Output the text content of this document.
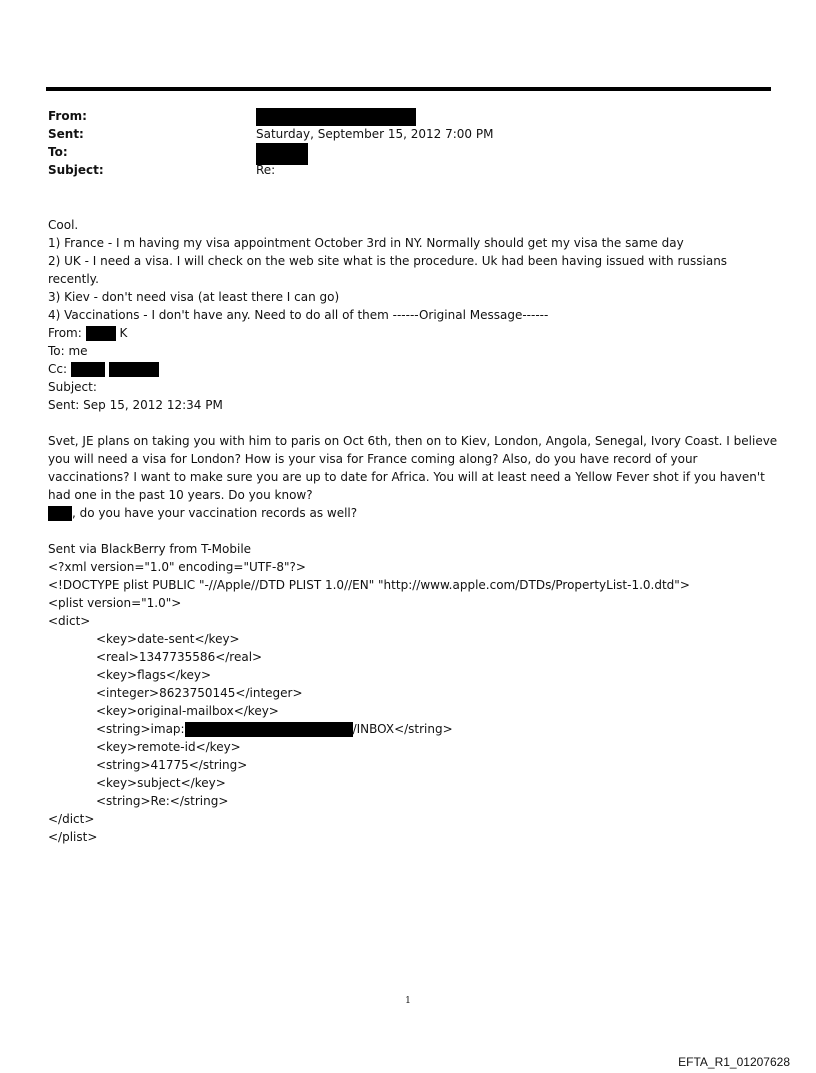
From:
Sent:	Saturday, September 15, 2012 7:00 PM
To:
Subject:	Re:
Cool.
1) France - I m having my visa appointment October 3rd in NY. Normally should get my visa the same day
2) UK - I need a visa. I will check on the web site what is the procedure. Uk had been having issued with russians
recently.
3) Kiev - don't need visa (at least there I can go)
4) Vaccinations - I don't have any. Need to do all of them ------Original Message------
From:	K
To: me
Cc:
Subject:
Sent: Sep 15, 2012 12:34 PM
Svet, JE plans on taking you with him to paris on Oct 6th, then on to Kiev, London, Angola, Senegal, Ivory Coast. I believe
you will need a visa for London? How is your visa for France coming along? Also, do you have record of your
vaccinations? I want to make sure you are up to date for Africa. You will at least need a Yellow Fever shot if you haven't
had one in the past 10 years. Do you know?
, do you have your vaccination records as well?
Sent via BlackBerry from T-Mobile
<?xml version="1.0" encoding="UTF-8"?>
<!DOCTYPE plist PUBLIC "-//Apple//DTD PLIST 1.0//EN" "http://www.apple.com/DTDs/PropertyList-1.0.dtd">
<plist version="1.0">
<dict>
<key>date-sent</key>
<real>1347735586</real>
<key>flags</key>
<integer>8623750145</integer>
<key>original-mailbox</key>
<string>imap:	/INBOX</string>
<key>remote-id</key>
<string>41775</string>
<key>subject</key>
<string>Re:</string>
</dict>
</plist>
1
EFTA_R1_01207628
